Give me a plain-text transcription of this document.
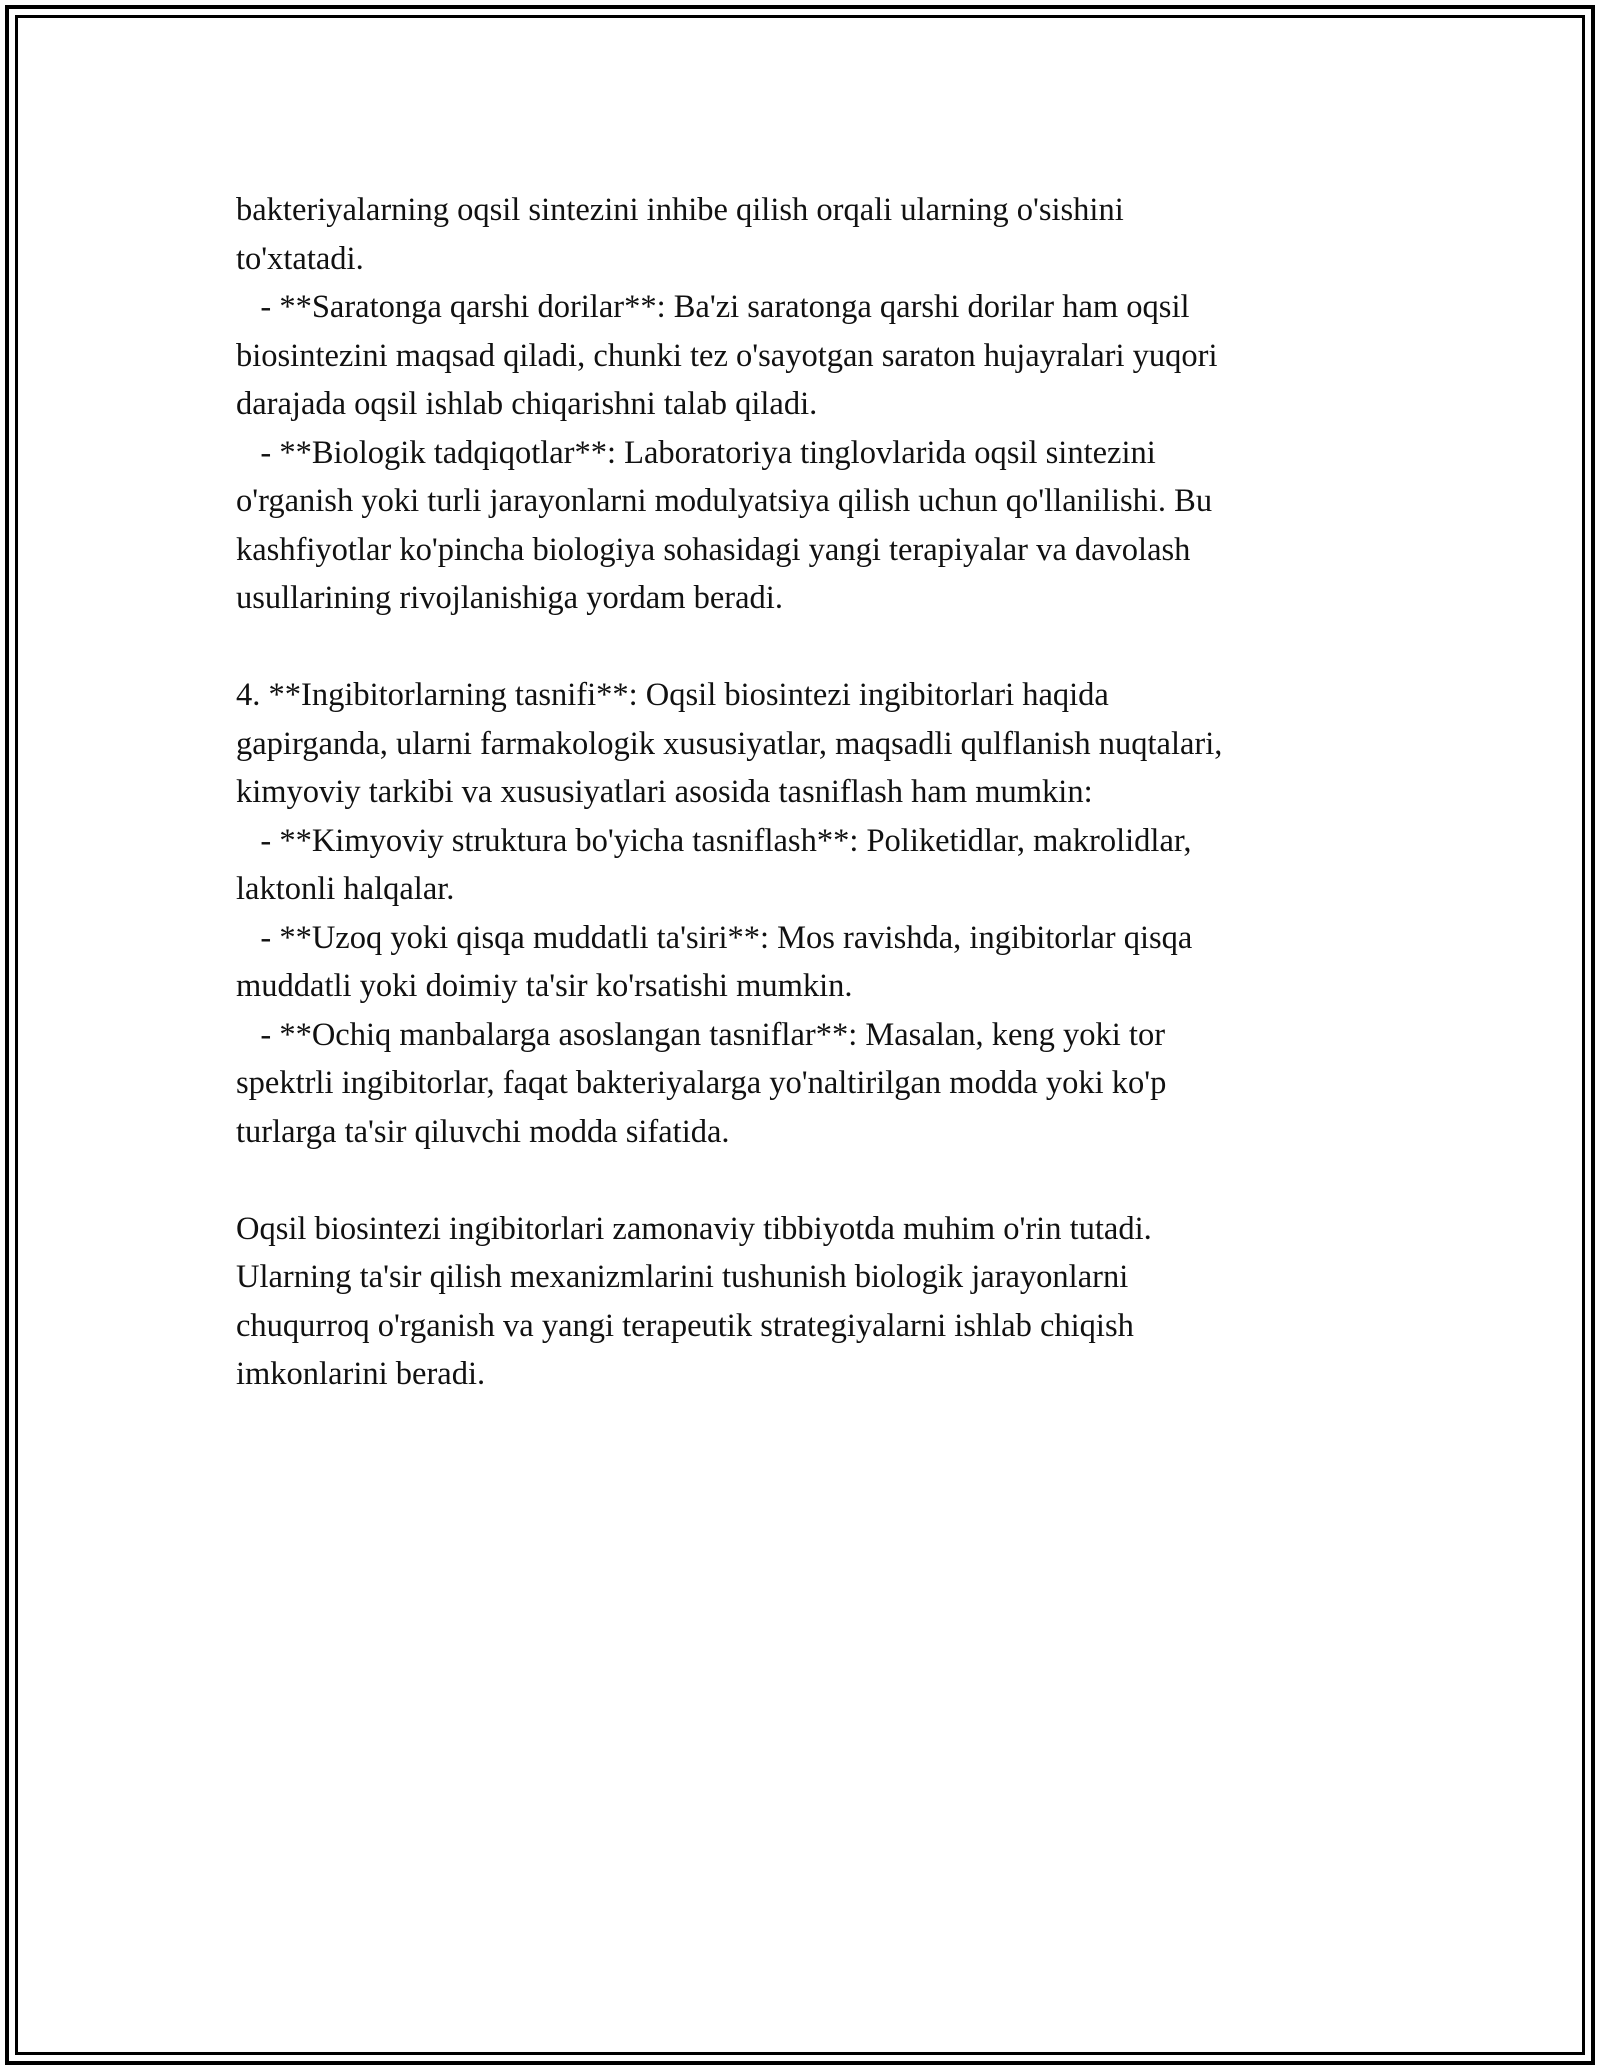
bakteriyalarning oqsil sintezini inhibe qilish orqali ularning o'sishini
to'xtatadi.
- **Saratonga qarshi dorilar**: Ba'zi saratonga qarshi dorilar ham oqsil
biosintezini maqsad qiladi, chunki tez o'sayotgan saraton hujayralari yuqori
darajada oqsil ishlab chiqarishni talab qiladi.
- **Biologik tadqiqotlar**: Laboratoriya tinglovlarida oqsil sintezini
o'rganish yoki turli jarayonlarni modulyatsiya qilish uchun qo'llanilishi. Bu
kashfiyotlar ko'pincha biologiya sohasidagi yangi terapiyalar va davolash
usullarining rivojlanishiga yordam beradi.
4. **Ingibitorlarning tasnifi**: Oqsil biosintezi ingibitorlari haqida
gapirganda, ularni farmakologik xususiyatlar, maqsadli qulflanish nuqtalari,
kimyoviy tarkibi va xususiyatlari asosida tasniflash ham mumkin:
- **Kimyoviy struktura bo'yicha tasniflash**: Poliketidlar, makrolidlar,
laktonli halqalar.
- **Uzoq yoki qisqa muddatli ta'siri**: Mos ravishda, ingibitorlar qisqa
muddatli yoki doimiy ta'sir ko'rsatishi mumkin.
- **Ochiq manbalarga asoslangan tasniflar**: Masalan, keng yoki tor
spektrli ingibitorlar, faqat bakteriyalarga yo'naltirilgan modda yoki ko'p
turlarga ta'sir qiluvchi modda sifatida.
Oqsil biosintezi ingibitorlari zamonaviy tibbiyotda muhim o'rin tutadi.
Ularning ta'sir qilish mexanizmlarini tushunish biologik jarayonlarni
chuqurroq o'rganish va yangi terapeutik strategiyalarni ishlab chiqish
imkonlarini beradi.
